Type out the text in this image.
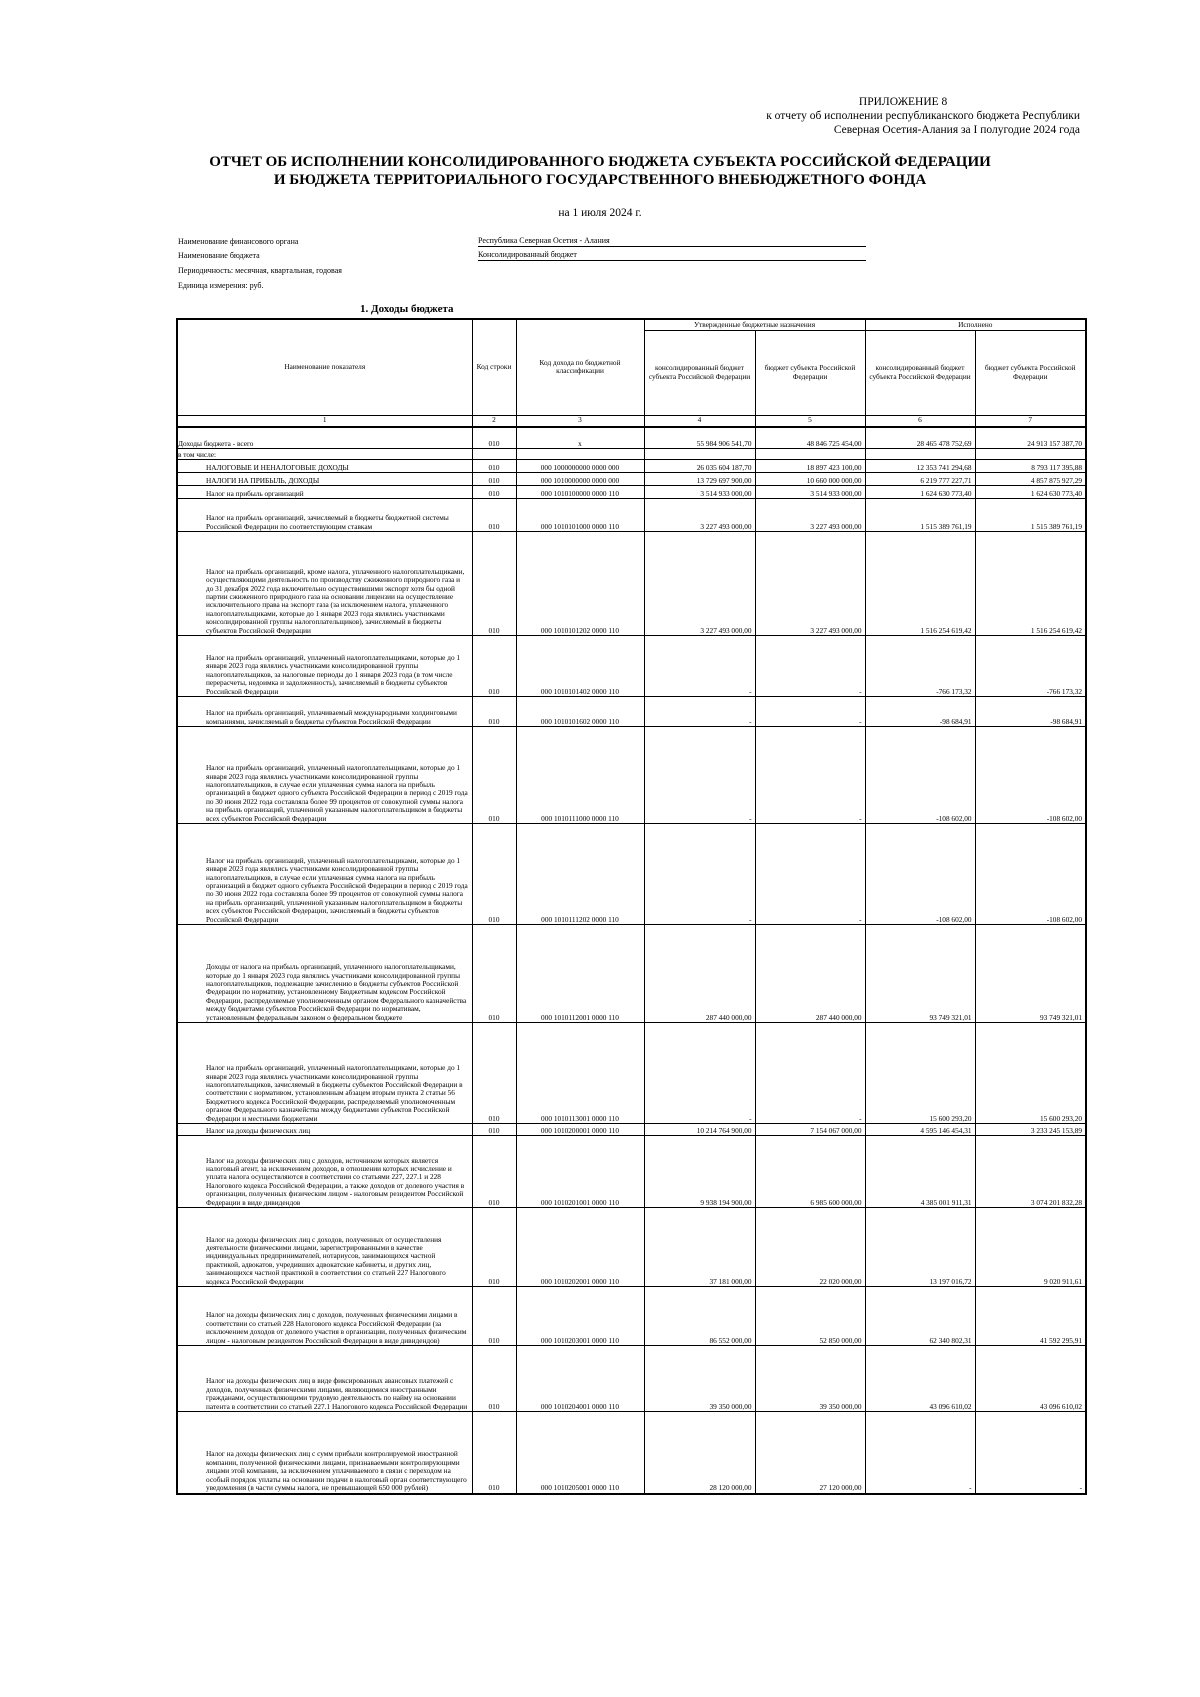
ПРИЛОЖЕНИЕ 8
к отчету об исполнении республиканского бюджета Республики
Северная Осетия-Алания за I полугодие 2024 года
ОТЧЕТ ОБ ИСПОЛНЕНИИ КОНСОЛИДИРОВАННОГО БЮДЖЕТА СУБЪЕКТА РОССИЙСКОЙ ФЕДЕРАЦИИ
И БЮДЖЕТА ТЕРРИТОРИАЛЬНОГО ГОСУДАРСТВЕННОГО ВНЕБЮДЖЕТНОГО ФОНДА
на 1 июля 2024 г.
Наименование финансового органа	Республика Северная Осетия - Алания
Наименование бюджета	Консолидированный бюджет
Периодичность: месячная, квартальная, годовая
Единица измерения: руб.
1. Доходы бюджета
Наименование показателя	Код строки	Код дохода по бюджетной классификации	Утвержденные бюджетные назначения		Исполнено	
			консолидированный бюджет субъекта Российской Федерации	бюджет субъекта Российской Федерации	консолидированный бюджет субъекта Российской Федерации	бюджет субъекта Российской Федерации
1	2	3	4	5	6	7
Доходы бюджета - всего	010	x	55 984 906 541,70	48 846 725 454,00	28 465 478 752,69	24 913 157 387,70
в том числе:						
НАЛОГОВЫЕ И НЕНАЛОГОВЫЕ ДОХОДЫ	010	000 1000000000 0000 000	26 035 604 187,70	18 897 423 100,00	12 353 741 294,68	8 793 117 395,88
НАЛОГИ НА ПРИБЫЛЬ, ДОХОДЫ	010	000 1010000000 0000 000	13 729 697 900,00	10 660 000 000,00	6 219 777 227,71	4 857 875 927,29
Налог на прибыль организаций	010	000 1010100000 0000 110	3 514 933 000,00	3 514 933 000,00	1 624 630 773,40	1 624 630 773,40
Налог на прибыль организаций, зачисляемый в бюджеты бюджетной системы Российской Федерации по соответствующим ставкам	010	000 1010101000 0000 110	3 227 493 000,00	3 227 493 000,00	1 515 389 761,19	1 515 389 761,19
Налог на прибыль организаций, кроме налога, уплаченного налогоплательщиками, осуществляющими деятельность по производству сжиженного природного газа и до 31 декабря 2022 года включительно осуществившими экспорт хотя бы одной партии сжиженного природного газа на основании лицензии на осуществление исключительного права на экспорт газа (за исключением налога, уплаченного налогоплательщиками, которые до 1 января 2023 года являлись участниками консолидированной группы налогоплательщиков), зачисляемый в бюджеты субъектов Российской Федерации	010	000 1010101202 0000 110	3 227 493 000,00	3 227 493 000,00	1 516 254 619,42	1 516 254 619,42
Налог на прибыль организаций, уплаченный налогоплательщиками, которые до 1 января 2023 года являлись участниками консолидированной группы налогоплательщиков, за налоговые периоды до 1 января 2023 года (в том числе перерасчеты, недоимка и задолженность), зачисляемый в бюджеты субъектов Российской Федерации	010	000 1010101402 0000 110	-	-	-766 173,32	-766 173,32
Налог на прибыль организаций, уплачиваемый международными холдинговыми компаниями, зачисляемый в бюджеты субъектов Российской Федерации	010	000 1010101602 0000 110	-	-	-98 684,91	-98 684,91
Налог на прибыль организаций, уплаченный налогоплательщиками, которые до 1 января 2023 года являлись участниками консолидированной группы налогоплательщиков, в случае если уплаченная сумма налога на прибыль организаций в бюджет одного субъекта Российской Федерации в период с 2019 года по 30 июня 2022 года составляла более 99 процентов от совокупной суммы налога на прибыль организаций, уплаченной указанным налогоплательщиком в бюджеты всех субъектов Российской Федерации	010	000 1010111000 0000 110	-	-	-108 602,00	-108 602,00
Налог на прибыль организаций, уплаченный налогоплательщиками, которые до 1 января 2023 года являлись участниками консолидированной группы налогоплательщиков, в случае если уплаченная сумма налога на прибыль организаций в бюджет одного субъекта Российской Федерации в период с 2019 года по 30 июня 2022 года составляла более 99 процентов от совокупной суммы налога на прибыль организаций, уплаченной указанным налогоплательщиком в бюджеты всех субъектов Российской Федерации, зачисляемый в бюджеты субъектов Российской Федерации	010	000 1010111202 0000 110	-	-	-108 602,00	-108 602,00
Доходы от налога на прибыль организаций, уплаченного налогоплательщиками, которые до 1 января 2023 года являлись участниками консолидированной группы налогоплательщиков, подлежащие зачислению в бюджеты субъектов Российской Федерации по нормативу, установленному Бюджетным кодексом Российской Федерации, распределяемые уполномоченным органом Федерального казначейства между бюджетами субъектов Российской Федерации по нормативам, установленным федеральным законом о федеральном бюджете	010	000 1010112001 0000 110	287 440 000,00	287 440 000,00	93 749 321,01	93 749 321,01
Налог на прибыль организаций, уплаченный налогоплательщиками, которые до 1 января 2023 года являлись участниками консолидированной группы налогоплательщиков, зачисляемый в бюджеты субъектов Российской Федерации в соответствии с нормативом, установленным абзацем вторым пункта 2 статьи 56 Бюджетного кодекса Российской Федерации, распределяемый уполномоченным органом Федерального казначейства между бюджетами субъектов Российской Федерации и местными бюджетами	010	000 1010113001 0000 110	-	-	15 600 293,20	15 600 293,20
Налог на доходы физических лиц	010	000 1010200001 0000 110	10 214 764 900,00	7 154 067 000,00	4 595 146 454,31	3 233 245 153,89
Налог на доходы физических лиц с доходов, источником которых является налоговый агент, за исключением доходов, в отношении которых исчисление и уплата налога осуществляются в соответствии со статьями 227, 227.1 и 228 Налогового кодекса Российской Федерации, а также доходов от долевого участия в организации, полученных физическим лицом - налоговым резидентом Российской Федерации в виде дивидендов	010	000 1010201001 0000 110	9 938 194 900,00	6 985 600 000,00	4 385 001 911,31	3 074 201 832,28
Налог на доходы физических лиц с доходов, полученных от осуществления деятельности физическими лицами, зарегистрированными в качестве индивидуальных предпринимателей, нотариусов, занимающихся частной практикой, адвокатов, учредивших адвокатские кабинеты, и других лиц, занимающихся частной практикой в соответствии со статьей 227 Налогового кодекса Российской Федерации	010	000 1010202001 0000 110	37 181 000,00	22 020 000,00	13 197 016,72	9 020 911,61
Налог на доходы физических лиц с доходов, полученных физическими лицами в соответствии со статьей 228 Налогового кодекса Российской Федерации (за исключением доходов от долевого участия в организации, полученных физическим лицом - налоговым резидентом Российской Федерации в виде дивидендов)	010	000 1010203001 0000 110	86 552 000,00	52 850 000,00	62 340 802,31	41 592 295,91
Налог на доходы физических лиц в виде фиксированных авансовых платежей с доходов, полученных физическими лицами, являющимися иностранными гражданами, осуществляющими трудовую деятельность по найму на основании патента в соответствии со статьей 227.1 Налогового кодекса Российской Федерации	010	000 1010204001 0000 110	39 350 000,00	39 350 000,00	43 096 610,02	43 096 610,02
Налог на доходы физических лиц с сумм прибыли контролируемой иностранной компании, полученной физическими лицами, признаваемыми контролирующими лицами этой компании, за исключением уплачиваемого в связи с переходом на особый порядок уплаты на основании подачи в налоговый орган соответствующего уведомления (в части суммы налога, не превышающей 650 000 рублей)	010	000 1010205001 0000 110	28 120 000,00	27 120 000,00	-	-
